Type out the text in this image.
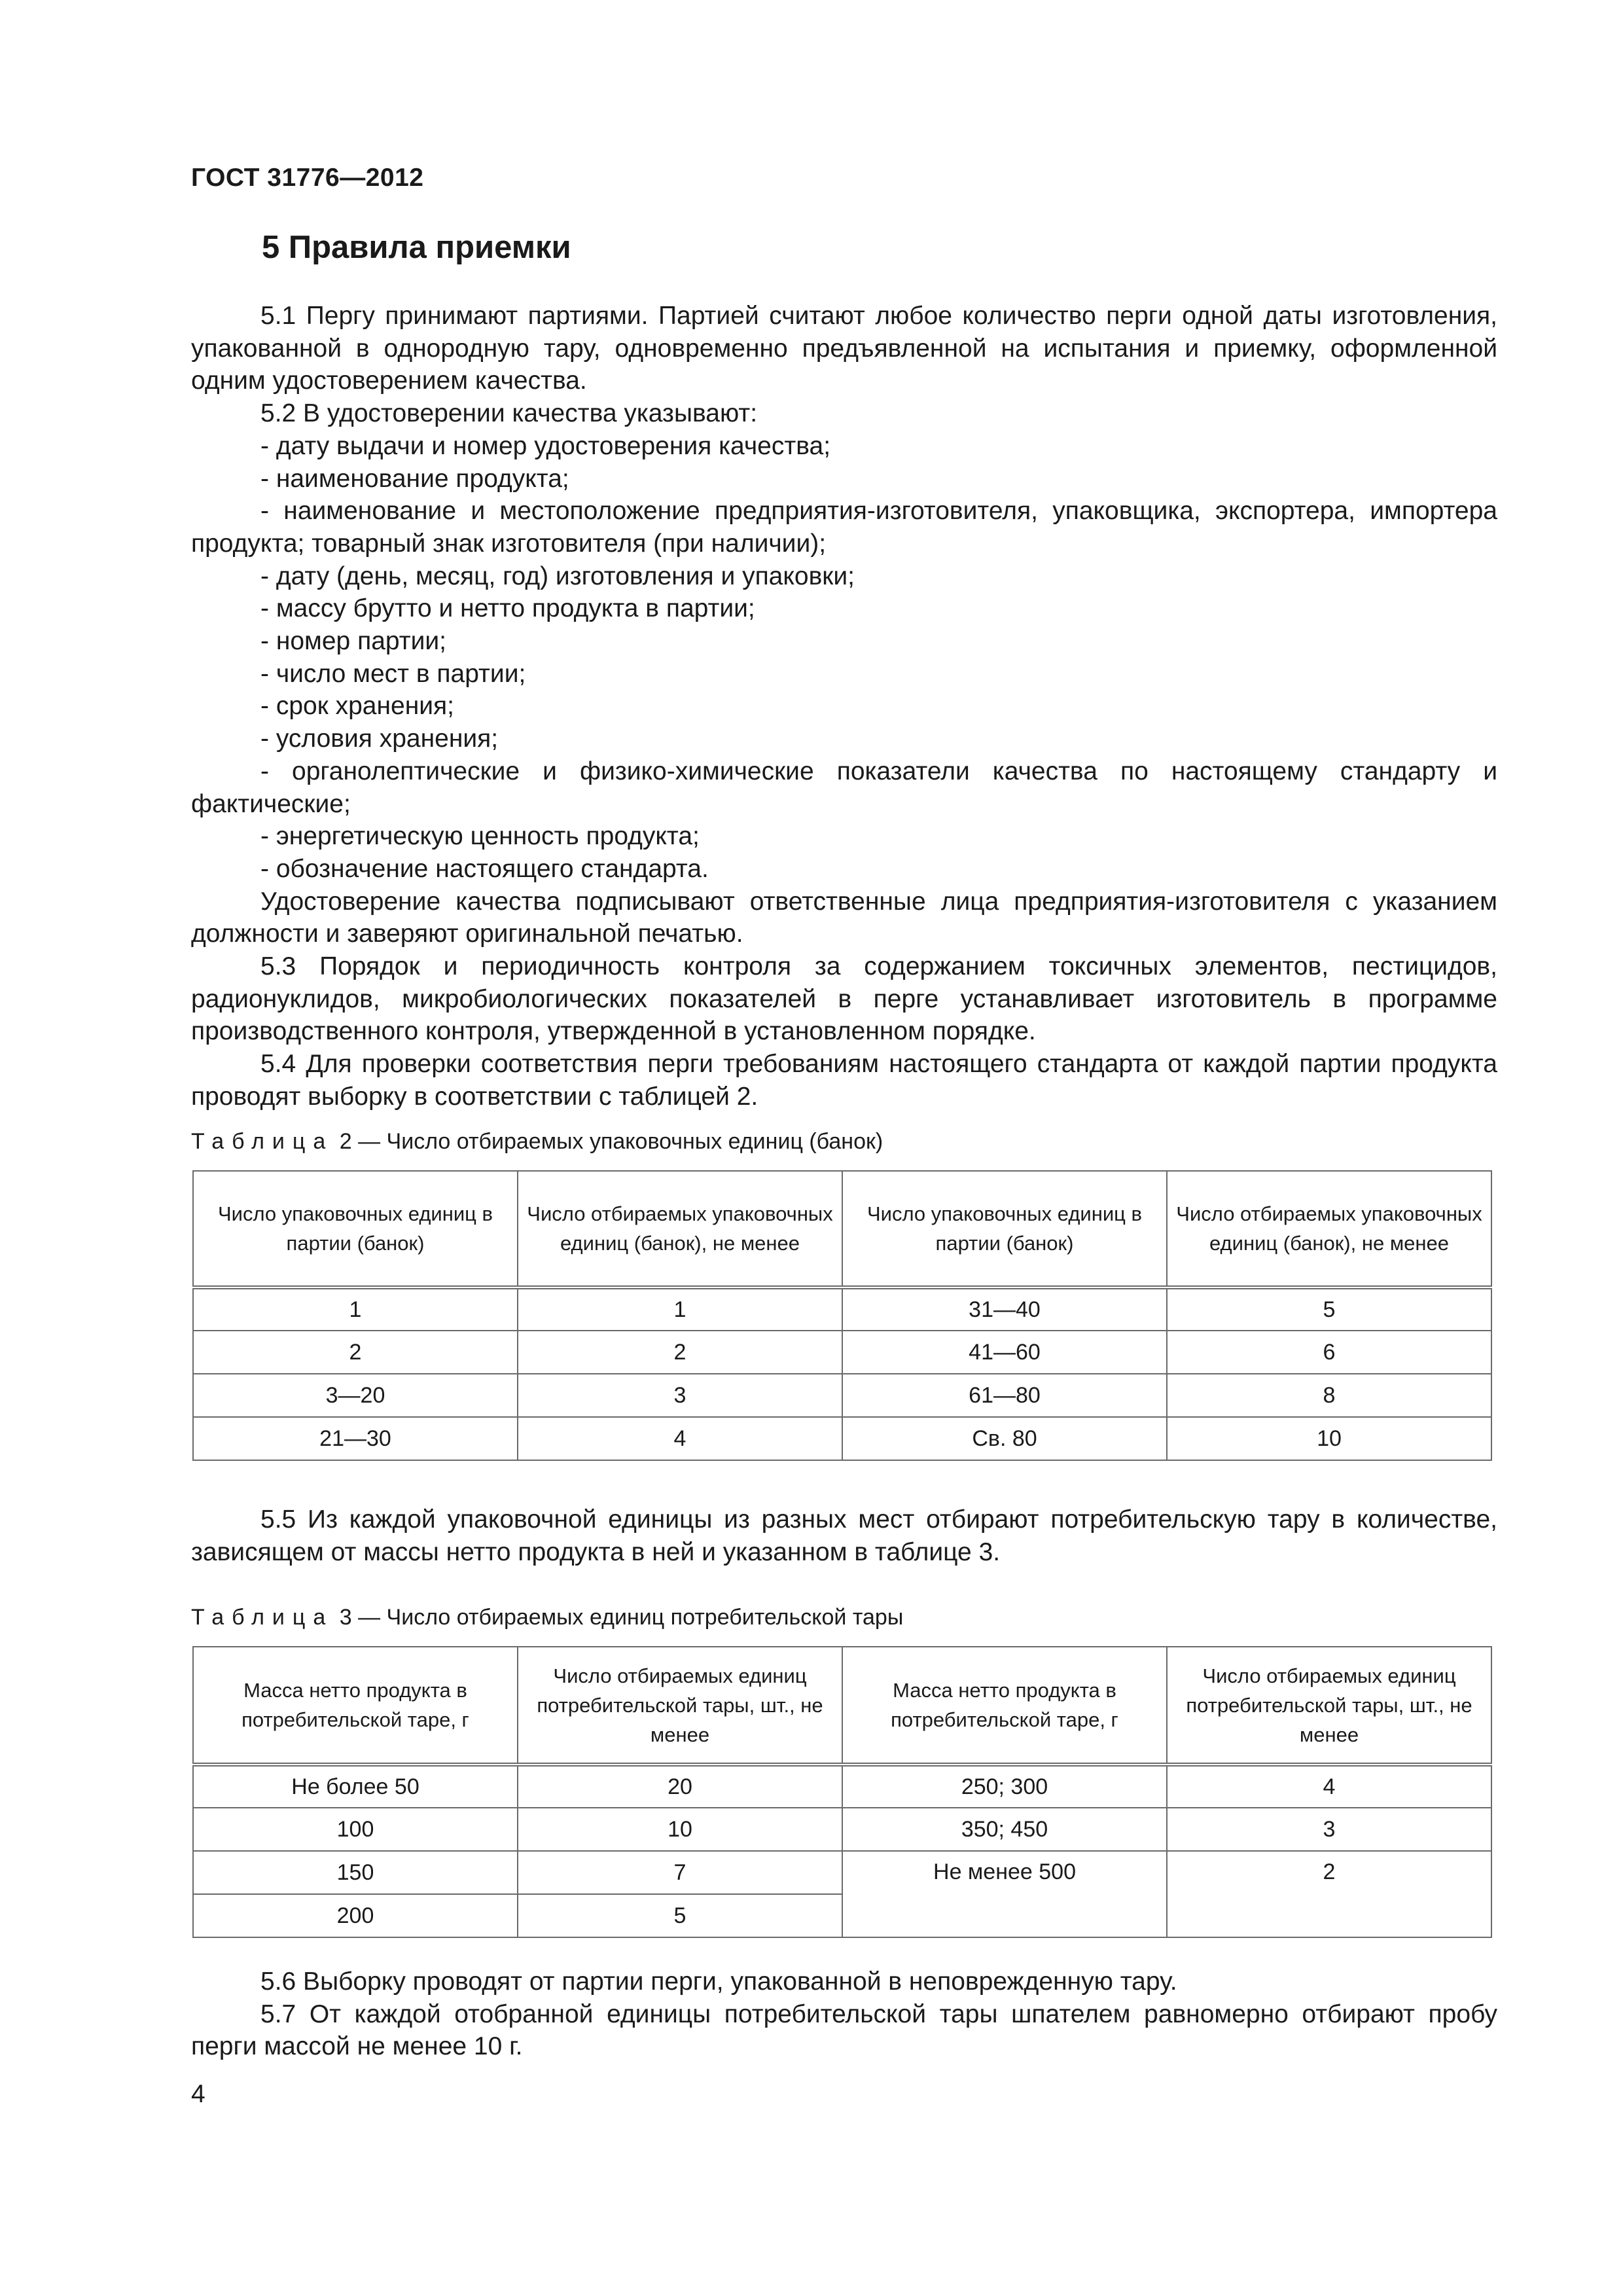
ГОСТ 31776—2012
5 Правила приемки

5.1 Пергу принимают партиями. Партией считают любое количество перги одной даты изготовления, упакованной в однородную тару, одновременно предъявленной на испытания и приемку, оформленной одним удостоверением качества.

5.2 В удостоверении качества указывают:

- дату выдачи и номер удостоверения качества;

- наименование продукта;

- наименование и местоположение предприятия-изготовителя, упаковщика, экспортера, импортера продукта; товарный знак изготовителя (при наличии);

- дату (день, месяц, год) изготовления и упаковки;

- массу брутто и нетто продукта в партии;

- номер партии;

- число мест в партии;

- срок хранения;

- условия хранения;

- органолептические и физико-химические показатели качества по настоящему стандарту и фактические;

- энергетическую ценность продукта;

- обозначение настоящего стандарта.

Удостоверение качества подписывают ответственные лица предприятия-изготовителя с указанием должности и заверяют оригинальной печатью.

5.3 Порядок и периодичность контроля за содержанием токсичных элементов, пестицидов, радионуклидов, микробиологических показателей в перге устанавливает изготовитель в программе производственного контроля, утвержденной в установленном порядке.

5.4 Для проверки соответствия перги требованиям настоящего стандарта от каждой партии продукта проводят выборку в соответствии с таблицей 2.

Таблица 2 — Число отбираемых упаковочных единиц (банок)
Число упаковочных единиц в партии (банок)	Число отбираемых упаковочных единиц (банок), не менее	Число упаковочных единиц в партии (банок)	Число отбираемых упаковочных единиц (банок), не менее
1	1	31—40	5
2	2	41—60	6
3—20	3	61—80	8
21—30	4	Св. 80	10

5.5 Из каждой упаковочной единицы из разных мест отбирают потребительскую тару в количестве, зависящем от массы нетто продукта в ней и указанном в таблице 3.

Таблица 3 — Число отбираемых единиц потребительской тары
Масса нетто продукта в потребительской таре, г	Число отбираемых единиц потребительской тары, шт., не менее	Масса нетто продукта в потребительской таре, г	Число отбираемых единиц потребительской тары, шт., не менее
Не более 50	20	250; 300	4
100	10	350; 450	3
150	7	Не менее 500	2
200	5		

5.6 Выборку проводят от партии перги, упакованной в неповрежденную тару.

5.7 От каждой отобранной единицы потребительской тары шпателем равномерно отбирают пробу перги массой не менее 10 г.

4
